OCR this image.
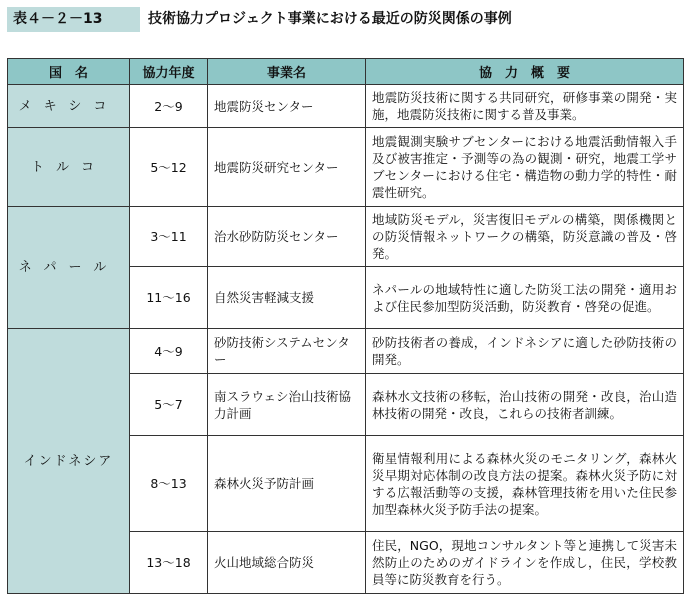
表４－２－13	技術協力プロジェクト事業における最近の防災関係の事例
国　名	協力年度	事業名	協　力　概　要
メキシコ	2～9	地震防災センター	地震防災技術に関する共同研究，研修事業の開発・実施，地震防災技術に関する普及事業。
トルコ	5～12	地震防災研究センター	地震観測実験サブセンターにおける地震活動情報入手及び被害推定・予測等の為の観測・研究，地震工学サブセンターにおける住宅・構造物の動力学的特性・耐震性研究。
ネパール	3～11	治水砂防防災センター	地域防災モデル，災害復旧モデルの構築，関係機関との防災情報ネットワークの構築，防災意識の普及・啓発。
	11～16	自然災害軽減支援	ネパールの地域特性に適した防災工法の開発・適用および住民参加型防災活動，防災教育・啓発の促進。
インドネシア	4～9	砂防技術システムセンター	砂防技術者の養成，インドネシアに適した砂防技術の開発。
	5～7	南スラウェシ治山技術協力計画	森林水文技術の移転，治山技術の開発・改良，治山造林技術の開発・改良，これらの技術者訓練。
	8～13	森林火災予防計画	衛星情報利用による森林火災のモニタリング，森林火災早期対応体制の改良方法の提案。森林火災予防に対する広報活動等の支援，森林管理技術を用いた住民参加型森林火災予防手法の提案。
	13～18	火山地域総合防災	住民，NGO，現地コンサルタント等と連携して災害未然防止のためのガイドラインを作成し，住民，学校教員等に防災教育を行う。
